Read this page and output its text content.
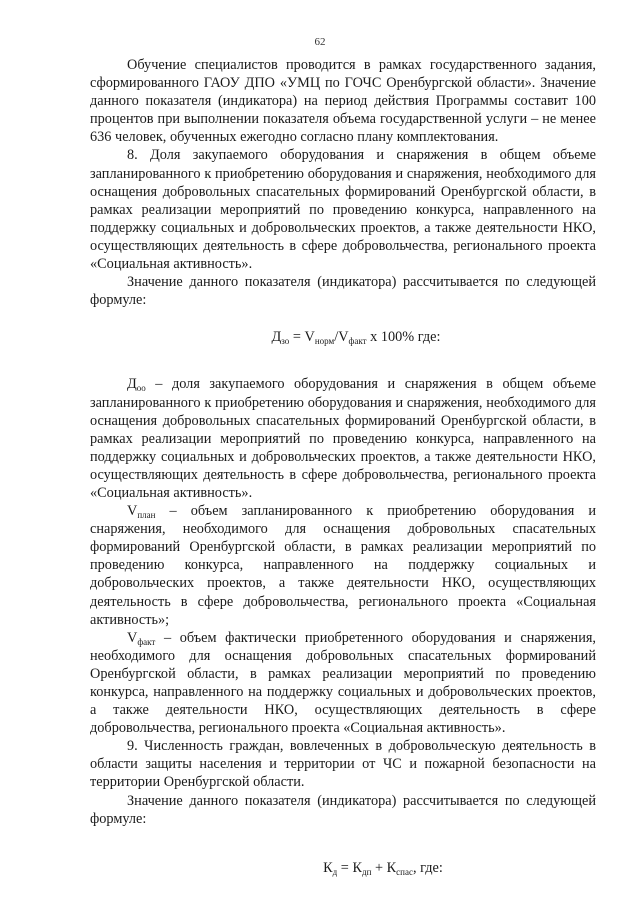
62

Обучение специалистов проводится в рамках государственного задания, сформированного ГАОУ ДПО «УМЦ по ГОЧС Оренбургской области». Значение данного показателя (индикатора) на период действия Программы составит 100 процентов при выполнении показателя объема государственной услуги – не менее 636 человек, обученных ежегодно согласно плану комплектования.

8. Доля закупаемого оборудования и снаряжения в общем объеме запланированного к приобретению оборудования и снаряжения, необходимого для оснащения добровольных спасательных формирований Оренбургской области, в рамках реализации мероприятий по проведению конкурса, направленного на поддержку социальных и добровольческих проектов, а также деятельности НКО, осуществляющих деятельность в сфере добровольчества, регионального проекта «Социальная активность».

Значение данного показателя (индикатора) рассчитывается по следующей формуле:

$Д_{зо} = V_{норм}/V_{факт}$ x 100% где:

$Д_{оо}$ – доля закупаемого оборудования и снаряжения в общем объеме запланированного к приобретению оборудования и снаряжения, необходимого для оснащения добровольных спасательных формирований Оренбургской области, в рамках реализации мероприятий по проведению конкурса, направленного на поддержку социальных и добровольческих проектов, а также деятельности НКО, осуществляющих деятельность в сфере добровольчества, регионального проекта «Социальная активность».

$V_{план}$ – объем запланированного к приобретению оборудования и снаряжения, необходимого для оснащения добровольных спасательных формирований Оренбургской области, в рамках реализации мероприятий по проведению конкурса, направленного на поддержку социальных и добровольческих проектов, а также деятельности НКО, осуществляющих деятельность в сфере добровольчества, регионального проекта «Социальная активность»;

$V_{факт}$ – объем фактически приобретенного оборудования и снаряжения, необходимого для оснащения добровольных спасательных формирований Оренбургской области, в рамках реализации мероприятий по проведению конкурса, направленного на поддержку социальных и добровольческих проектов, а также деятельности НКО, осуществляющих деятельность в сфере добровольчества, регионального проекта «Социальная активность».

9. Численность граждан, вовлеченных в добровольческую деятельность в области защиты населения и территории от ЧС и пожарной безопасности на территории Оренбургской области.

Значение данного показателя (индикатора) рассчитывается по следующей формуле:

$К_д = К_{дп} + К_{спас}$, где:
